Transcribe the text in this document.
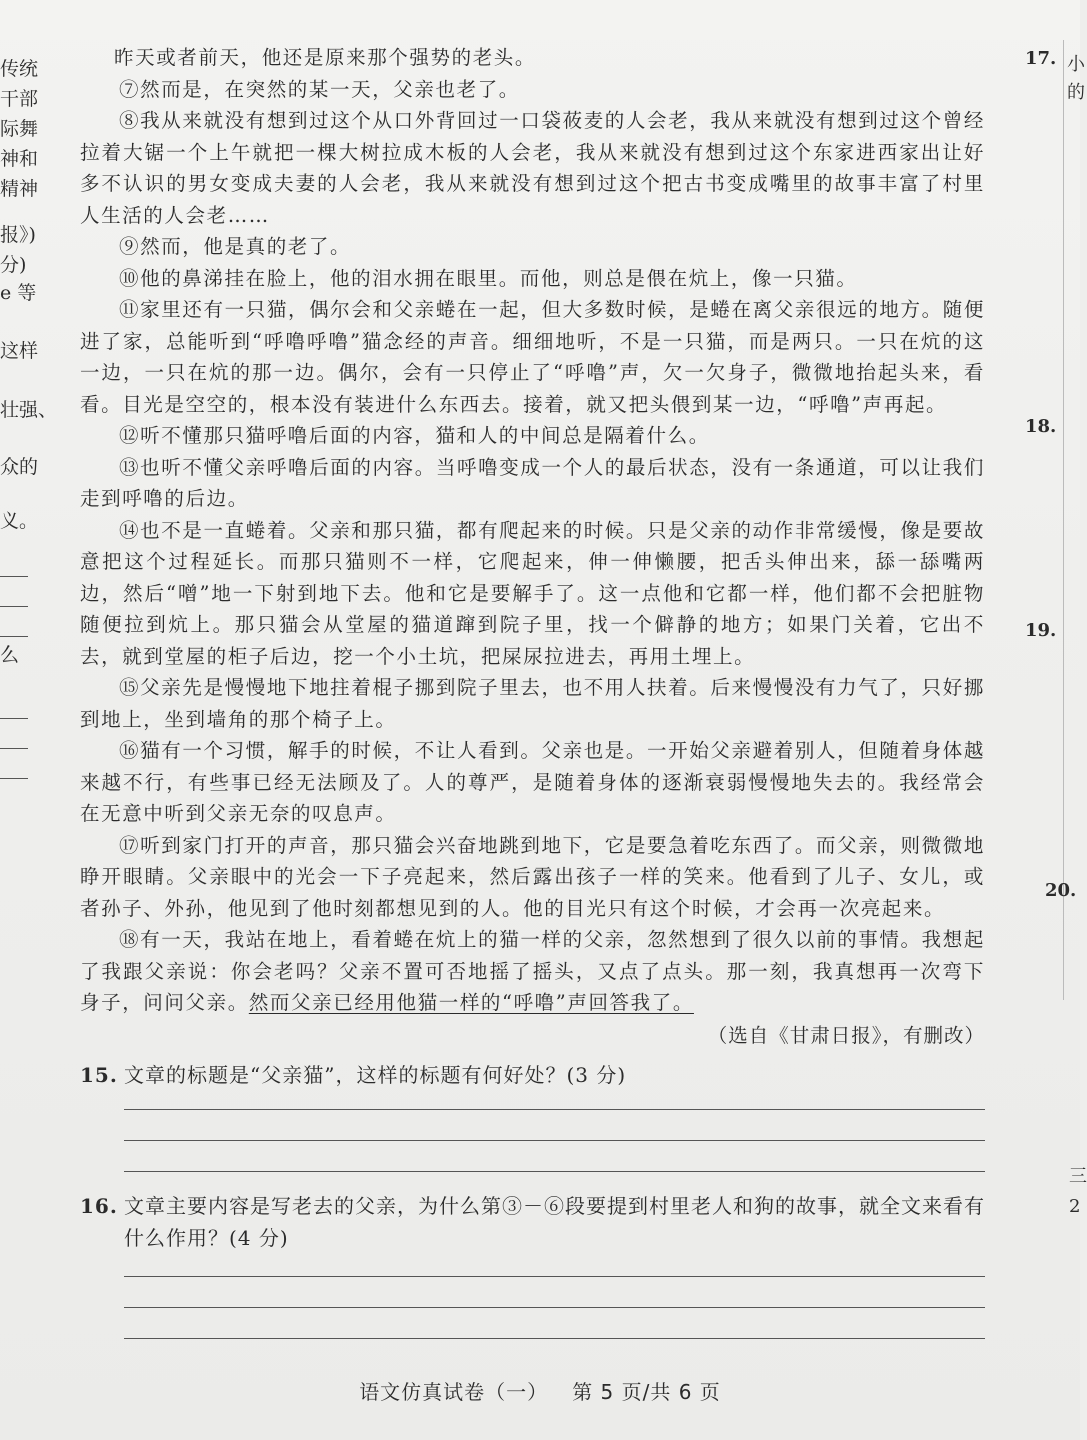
传统
干部
际舞
神和
精神
报》)
分)
e 等
这样
壮强、
众的
义。
么
17. 小
的
18.
19.
20.
三
2

昨天或者前天，他还是原来那个强势的老头。

⑦然而是，在突然的某一天，父亲也老了。

⑧我从来就没有想到过这个从口外背回过一口袋莜麦的人会老，我从来就没有想到过这个曾经拉着大锯一个上午就把一棵大树拉成木板的人会老，我从来就没有想到过这个东家进西家出让好多不认识的男女变成夫妻的人会老，我从来就没有想到过这个把古书变成嘴里的故事丰富了村里人生活的人会老……

⑨然而，他是真的老了。

⑩他的鼻涕挂在脸上，他的泪水拥在眼里。而他，则总是偎在炕上，像一只猫。

⑪家里还有一只猫，偶尔会和父亲蜷在一起，但大多数时候，是蜷在离父亲很远的地方。随便进了家，总能听到“呼噜呼噜”猫念经的声音。细细地听，不是一只猫，而是两只。一只在炕的这一边，一只在炕的那一边。偶尔，会有一只停止了“呼噜”声，欠一欠身子，微微地抬起头来，看看。目光是空空的，根本没有装进什么东西去。接着，就又把头偎到某一边，“呼噜”声再起。

⑫听不懂那只猫呼噜后面的内容，猫和人的中间总是隔着什么。

⑬也听不懂父亲呼噜后面的内容。当呼噜变成一个人的最后状态，没有一条通道，可以让我们走到呼噜的后边。

⑭也不是一直蜷着。父亲和那只猫，都有爬起来的时候。只是父亲的动作非常缓慢，像是要故意把这个过程延长。而那只猫则不一样，它爬起来，伸一伸懒腰，把舌头伸出来，舔一舔嘴两边，然后“噌”地一下射到地下去。他和它是要解手了。这一点他和它都一样，他们都不会把脏物随便拉到炕上。那只猫会从堂屋的猫道蹿到院子里，找一个僻静的地方；如果门关着，它出不去，就到堂屋的柜子后边，挖一个小土坑，把屎尿拉进去，再用土埋上。

⑮父亲先是慢慢地下地拄着棍子挪到院子里去，也不用人扶着。后来慢慢没有力气了，只好挪到地上，坐到墙角的那个椅子上。

⑯猫有一个习惯，解手的时候，不让人看到。父亲也是。一开始父亲避着别人，但随着身体越来越不行，有些事已经无法顾及了。人的尊严，是随着身体的逐渐衰弱慢慢地失去的。我经常会在无意中听到父亲无奈的叹息声。

⑰听到家门打开的声音，那只猫会兴奋地跳到地下，它是要急着吃东西了。而父亲，则微微地睁开眼睛。父亲眼中的光会一下子亮起来，然后露出孩子一样的笑来。他看到了儿子、女儿，或者孙子、外孙，他见到了他时刻都想见到的人。他的目光只有这个时候，才会再一次亮起来。

⑱有一天，我站在地上，看着蜷在炕上的猫一样的父亲，忽然想到了很久以前的事情。我想起了我跟父亲说：你会老吗？父亲不置可否地摇了摇头，又点了点头。那一刻，我真想再一次弯下身子，问问父亲。然而父亲已经用他猫一样的“呼噜”声回答我了。

（选自《甘肃日报》，有删改）

15. 文章的标题是“父亲猫”，这样的标题有何好处？(3 分)
16. 文章主要内容是写老去的父亲，为什么第③－⑥段要提到村里老人和狗的故事，就全文来看有什么作用？(4 分)
语文仿真试卷（一） 第 5 页/共 6 页
